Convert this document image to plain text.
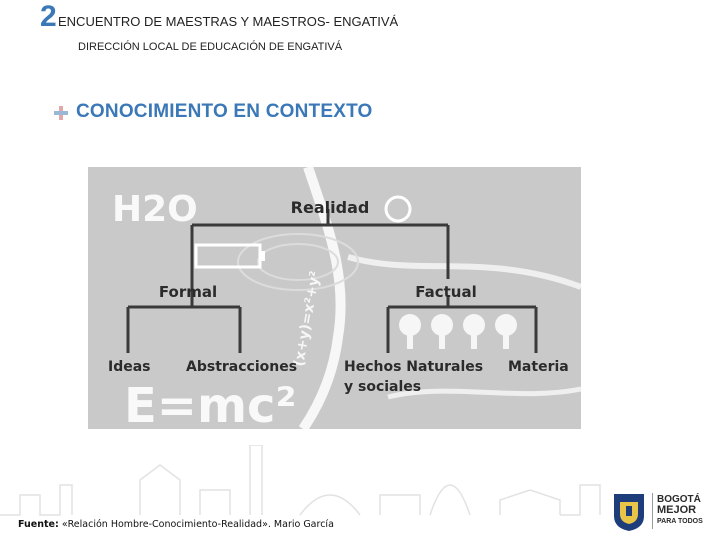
2 ENCUENTRO DE MAESTRAS Y MAESTROS- ENGATIVÁ
DIRECCIÓN LOCAL DE EDUCACIÓN DE ENGATIVÁ
CONOCIMIENTO EN CONTEXTO
H2O
E=mc²
(x+y)=x²+y²
Realidad
Formal	Factual
Ideas	Abstracciones	Hechos Naturales
y sociales
Materia
Fuente: «Relación Hombre-Conocimiento-Realidad». Mario García
BOGOTÁ
MEJOR
PARA TODOS
